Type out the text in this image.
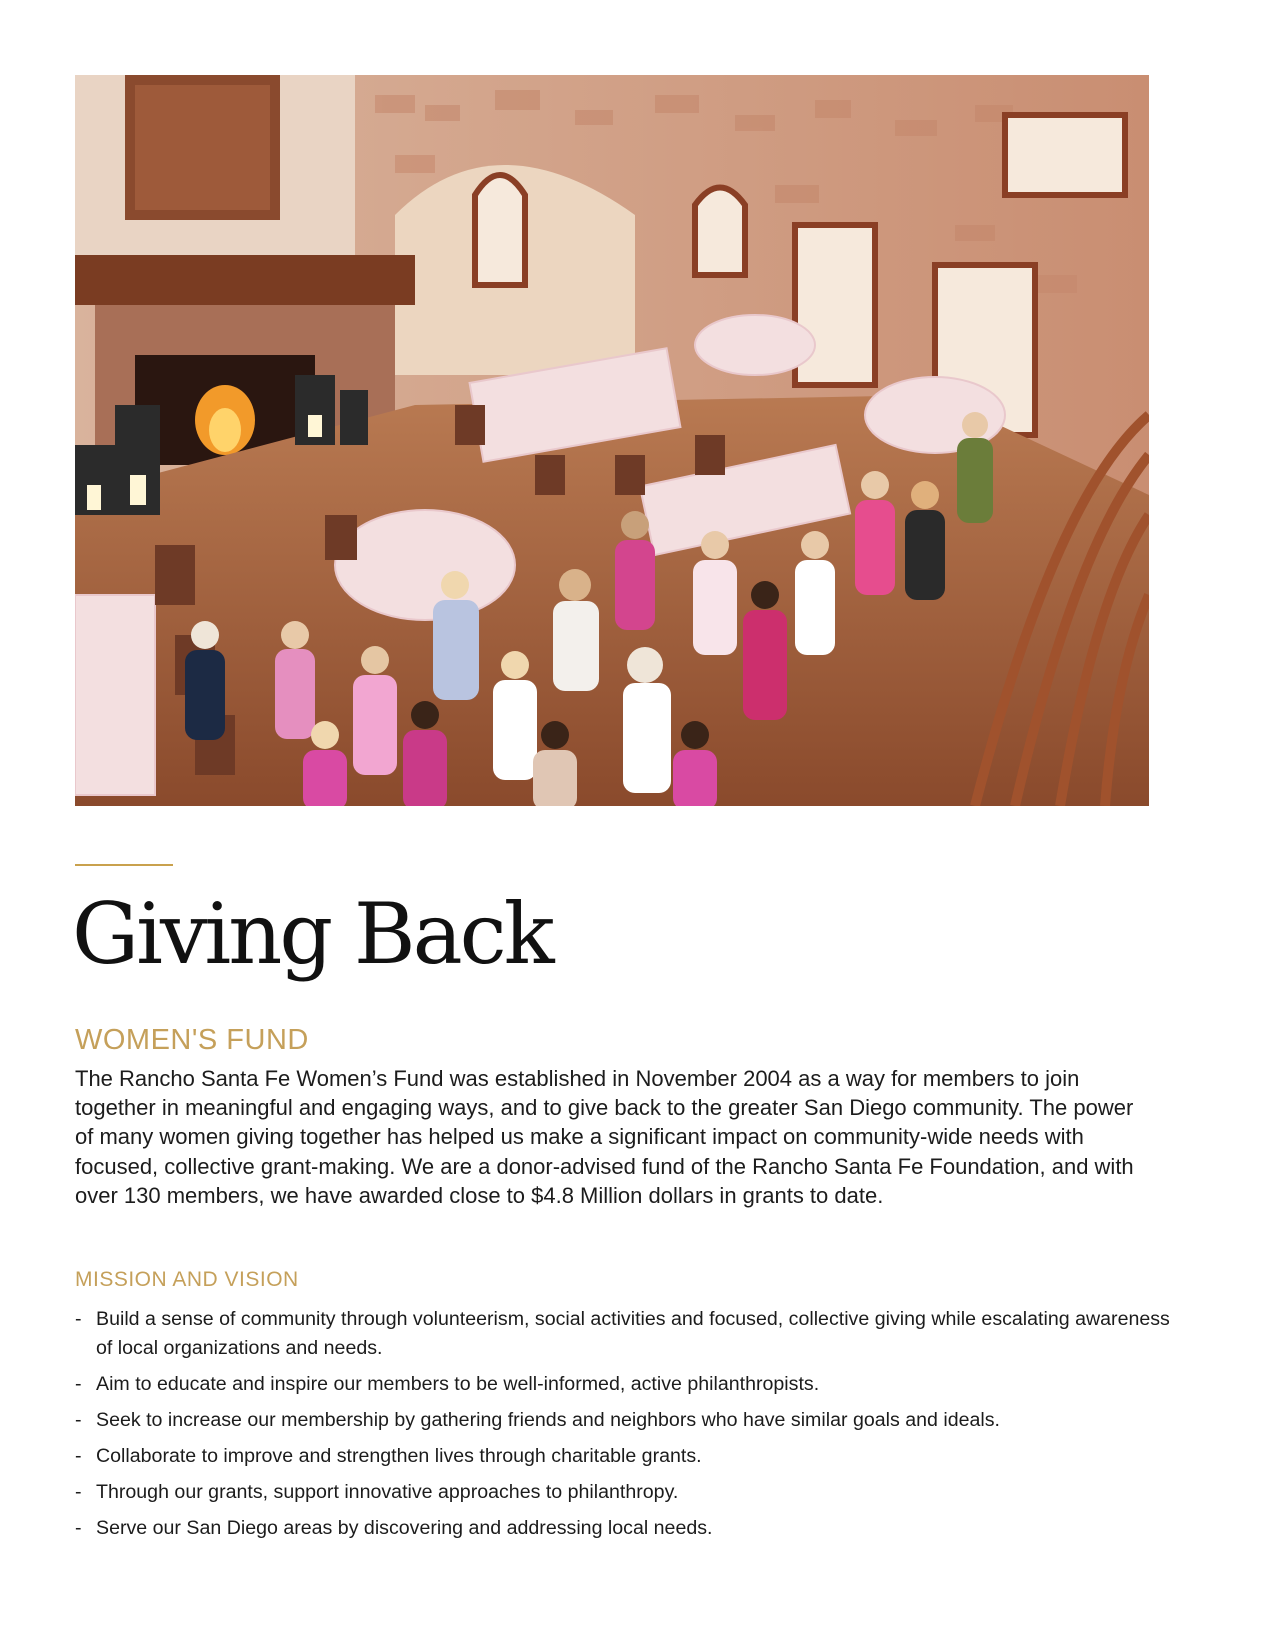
Giving Back
WOMEN'S FUND

The Rancho Santa Fe Women’s Fund was established in November 2004 as a way for members to join together in meaningful and engaging ways, and to give back to the greater San Diego community. The power of many women giving together has helped us make a significant impact on community-wide needs with focused, collective grant-making. We are a donor-advised fund of the Rancho Santa Fe Foundation, and with over 130 members, we have awarded close to $4.8 Million dollars in grants to date.

MISSION AND VISION
- Build a sense of community through volunteerism, social activities and focused, collective giving while escalating awareness of local organizations and needs.
- Aim to educate and inspire our members to be well-informed, active philanthropists.
- Seek to increase our membership by gathering friends and neighbors who have similar goals and ideals.
- Collaborate to improve and strengthen lives through charitable grants.
- Through our grants, support innovative approaches to philanthropy.
- Serve our San Diego areas by discovering and addressing local needs.
